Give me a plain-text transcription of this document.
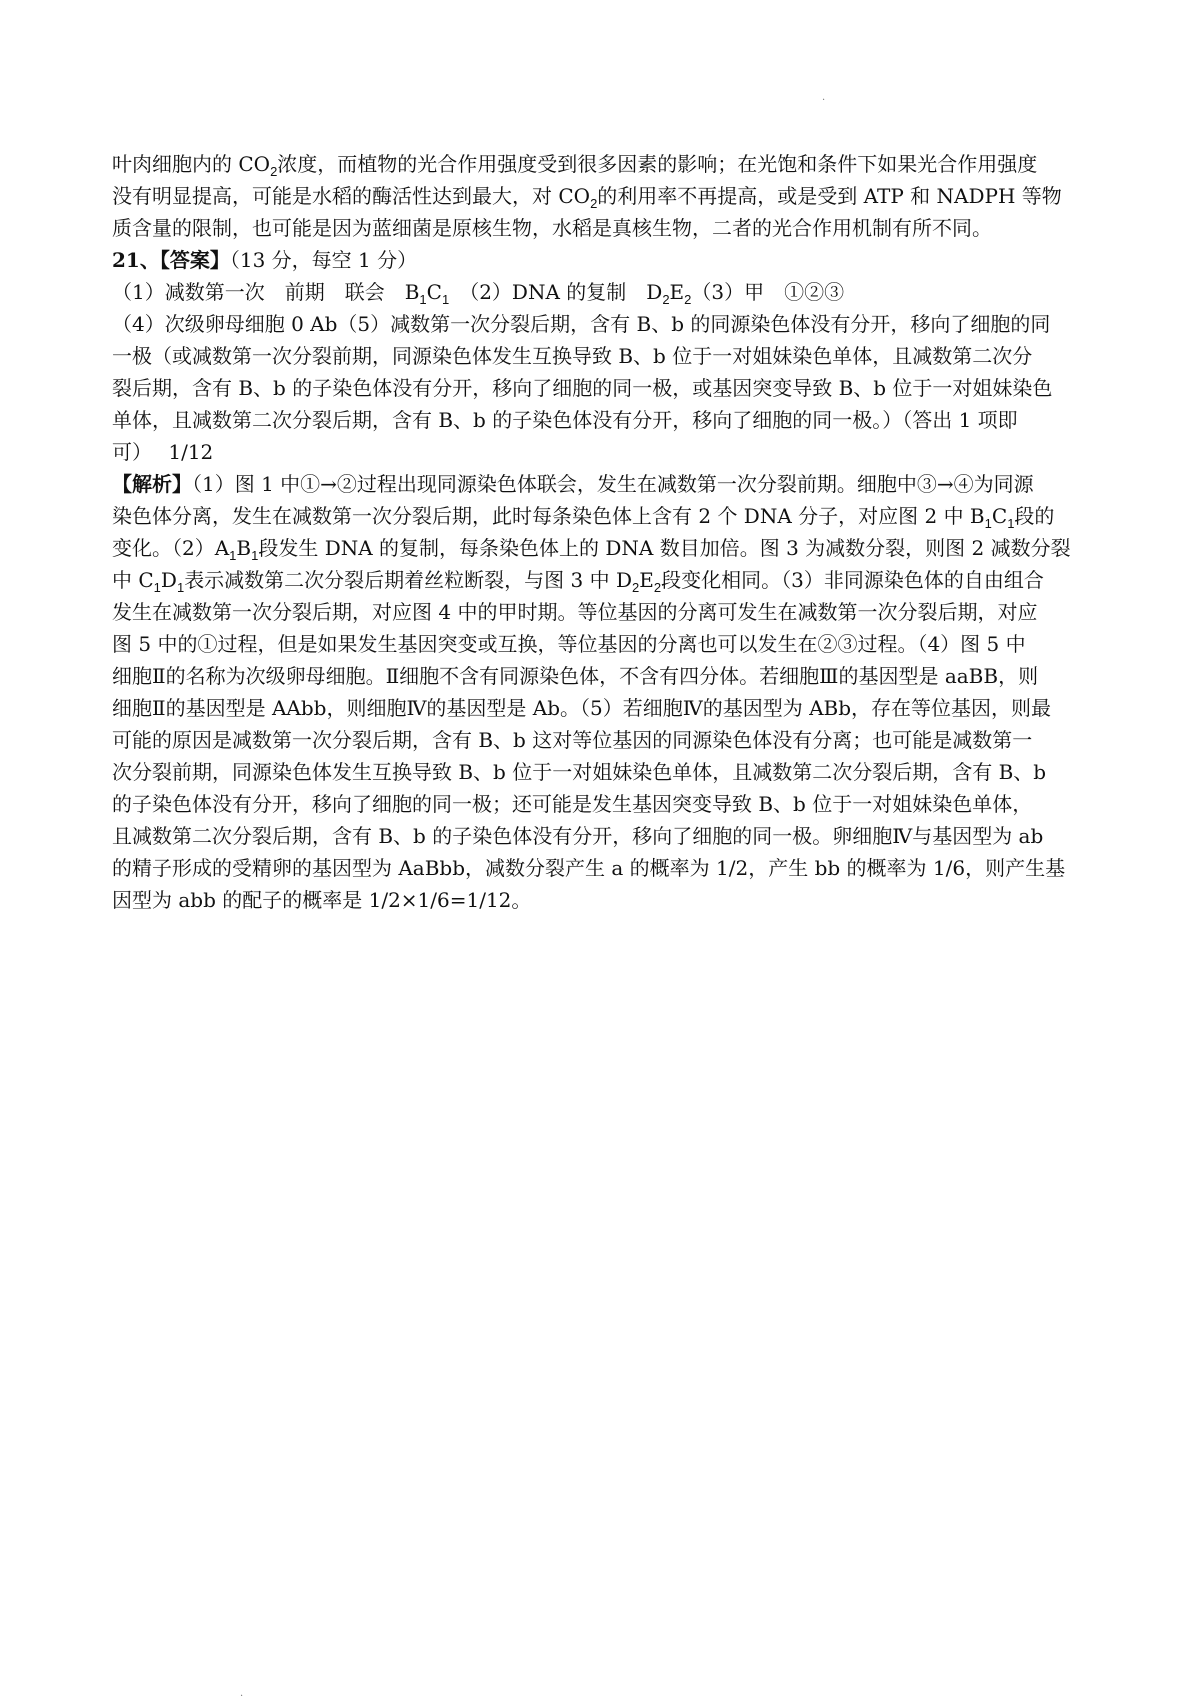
.
.
叶肉细胞内的 $CO_2$浓度，而植物的光合作用强度受到很多因素的影响；在光饱和条件下如果光合作用强度
没有明显提高，可能是水稻的酶活性达到最大，对 $CO_2$的利用率不再提高，或是受到 ATP 和 NADPH 等物
质含量的限制，也可能是因为蓝细菌是原核生物，水稻是真核生物，二者的光合作用机制有所不同。
21、【答案】（13 分，每空 1 分）
（1）减数第一次　前期　联会　$B_1C_1$　（2）DNA 的复制　$D_2E_2(3)$甲　①②③
（4）次级卵母细胞 0 Ab（5）减数第一次分裂后期，含有 B、b 的同源染色体没有分开，移向了细胞的同
一极（或减数第一次分裂前期，同源染色体发生互换导致 B、b 位于一对姐妹染色单体，且减数第二次分
裂后期，含有 B、b 的子染色体没有分开，移向了细胞的同一极，或基因突变导致 B、b 位于一对姐妹染色
单体，且减数第二次分裂后期，含有 B、b 的子染色体没有分开，移向了细胞的同一极。）（答出 1 项即
可）　 1/12
【解析】（1）图 1 中①→②过程出现同源染色体联会，发生在减数第一次分裂前期。细胞中③→④为同源
染色体分离，发生在减数第一次分裂后期，此时每条染色体上含有 2 个 DNA 分子，对应图 2 中 $B_1C_1$段的
变化。$(2)A_1B_1$段发生 DNA 的复制，每条染色体上的 DNA 数目加倍。图 3 为减数分裂，则图 2 减数分裂
中 $C_1D_1$表示减数第二次分裂后期着丝粒断裂，与图 3 中 $D_2E_2$段变化相同。（3）非同源染色体的自由组合
发生在减数第一次分裂后期，对应图 4 中的甲时期。等位基因的分离可发生在减数第一次分裂后期，对应
图 5 中的①过程，但是如果发生基因突变或互换，等位基因的分离也可以发生在②③过程。（4）图 5 中
细胞Ⅱ的名称为次级卵母细胞。Ⅱ细胞不含有同源染色体，不含有四分体。若细胞Ⅲ的基因型是 aaBB，则
细胞Ⅱ的基因型是 AAbb，则细胞Ⅳ的基因型是 Ab。（5）若细胞Ⅳ的基因型为 ABb，存在等位基因，则最
可能的原因是减数第一次分裂后期，含有 B、b 这对等位基因的同源染色体没有分离；也可能是减数第一
次分裂前期，同源染色体发生互换导致 B、b 位于一对姐妹染色单体，且减数第二次分裂后期，含有 B、b
的子染色体没有分开，移向了细胞的同一极；还可能是发生基因突变导致 B、b 位于一对姐妹染色单体，
且减数第二次分裂后期，含有 B、b 的子染色体没有分开，移向了细胞的同一极。卵细胞Ⅳ与基因型为 ab
的精子形成的受精卵的基因型为 AaBbb，减数分裂产生 a 的概率为 1/2，产生 bb 的概率为 1/6，则产生基
因型为 abb 的配子的概率是 1/2×1/6=1/12。
